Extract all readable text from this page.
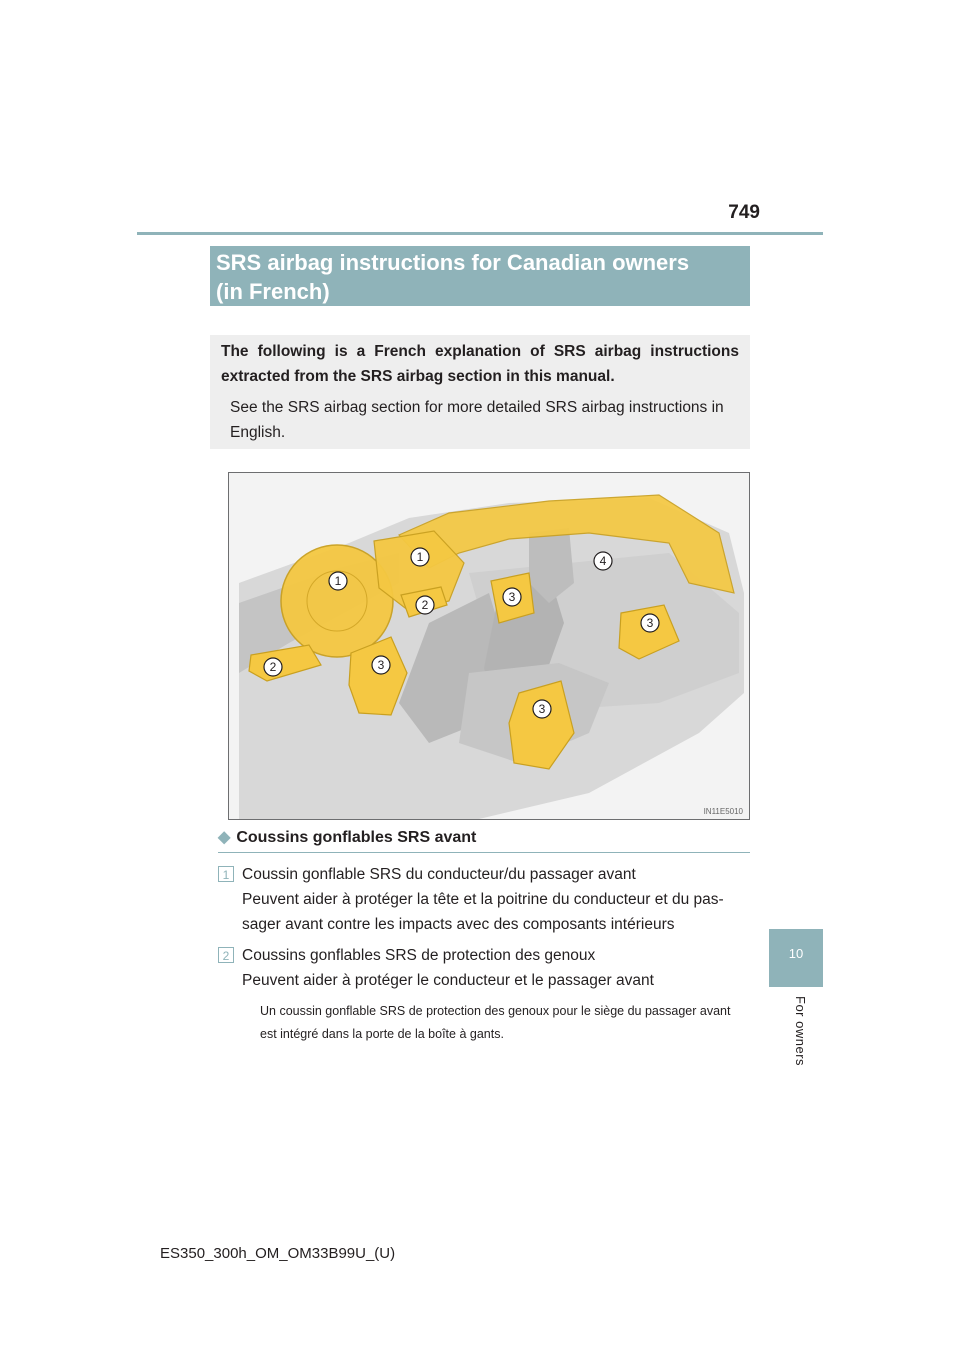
749
SRS airbag instructions for Canadian owners
(in French)
The following is a French explanation of SRS airbag instructions extracted from the SRS airbag section in this manual.
See the SRS airbag section for more detailed SRS airbag instructions in English.
1
1
2
2
3
3
3
3
4
IN11E5010
◆ Coussins gonflables SRS avant
1 Coussin gonflable SRS du conducteur/du passager avant
Peuvent aider à protéger la tête et la poitrine du conducteur et du pas-sager avant contre les impacts avec des composants intérieurs
2 Coussins gonflables SRS de protection des genoux
Peuvent aider à protéger le conducteur et le passager avant
Un coussin gonflable SRS de protection des genoux pour le siège du passager avant est intégré dans la porte de la boîte à gants.
10
For owners
ES350_300h_OM_OM33B99U_(U)
